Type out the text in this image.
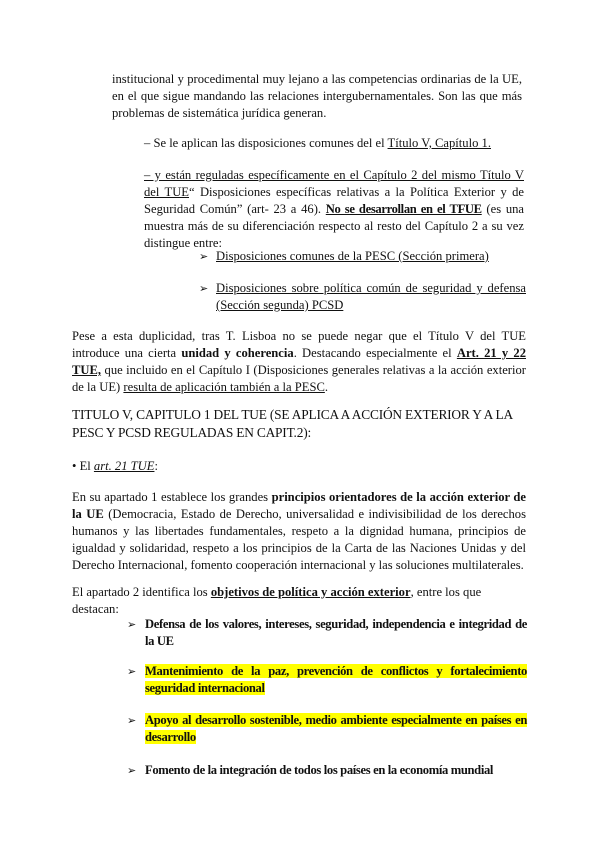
institucional y procedimental muy lejano a las competencias ordinarias de la UE, en el que sigue mandando las relaciones intergubernamentales. Son las que más problemas de sistemática jurídica generan.

– Se le aplican las disposiciones comunes del el Título V, Capítulo 1.

– y están reguladas específicamente en el Capítulo 2 del mismo Título V del TUE“ Disposiciones específicas relativas a la Política Exterior y de Seguridad Común” (art- 23 a 46). No se desarrollan en el TFUE (es una muestra más de su diferenciación respecto al resto del Capítulo 2 a su vez distingue entre:

➢ Disposiciones comunes de la PESC (Sección primera)

➢ Disposiciones sobre política común de seguridad y defensa (Sección segunda) PCSD

Pese a esta duplicidad, tras T. Lisboa no se puede negar que el Título V del TUE introduce una cierta unidad y coherencia. Destacando especialmente el Art. 21 y 22 TUE, que incluido en el Capítulo I (Disposiciones generales relativas a la acción exterior de la UE) resulta de aplicación también a la PESC.

TITULO V, CAPITULO 1 DEL TUE (SE APLICA A ACCIÓN EXTERIOR Y A LA PESC Y PCSD REGULADAS EN CAPIT.2):

• El art. 21 TUE:

En su apartado 1 establece los grandes principios orientadores de la acción exterior de la UE (Democracia, Estado de Derecho, universalidad e indivisibilidad de los derechos humanos y las libertades fundamentales, respeto a la dignidad humana, principios de igualdad y solidaridad, respeto a los principios de la Carta de las Naciones Unidas y del Derecho Internacional, fomento cooperación internacional y las soluciones multilaterales.

El apartado 2 identifica los objetivos de política y acción exterior, entre los que destacan:

➢ Defensa de los valores, intereses, seguridad, independencia e integridad de la UE

➢ Mantenimiento de la paz, prevención de conflictos y fortalecimiento seguridad internacional

➢ Apoyo al desarrollo sostenible, medio ambiente especialmente en países en desarrollo

➢ Fomento de la integración de todos los países en la economía mundial
